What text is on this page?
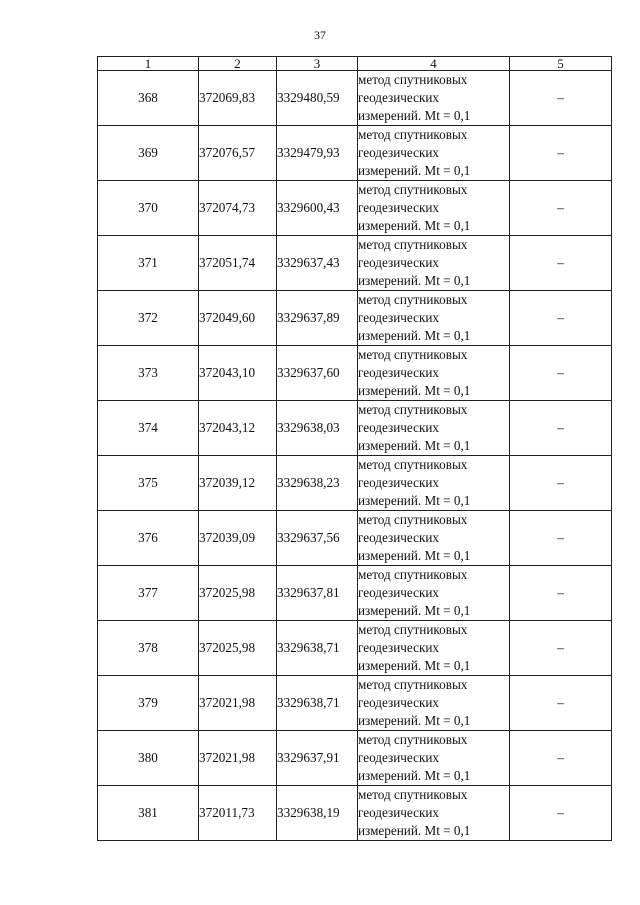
37
1	2	3	4	5
368	372069,83	3329480,59	метод спутниковых
геодезических
измерений. Mt = 0,1	–
369	372076,57	3329479,93	метод спутниковых
геодезических
измерений. Mt = 0,1	–
370	372074,73	3329600,43	метод спутниковых
геодезических
измерений. Mt = 0,1	–
371	372051,74	3329637,43	метод спутниковых
геодезических
измерений. Mt = 0,1	–
372	372049,60	3329637,89	метод спутниковых
геодезических
измерений. Mt = 0,1	–
373	372043,10	3329637,60	метод спутниковых
геодезических
измерений. Mt = 0,1	–
374	372043,12	3329638,03	метод спутниковых
геодезических
измерений. Mt = 0,1	–
375	372039,12	3329638,23	метод спутниковых
геодезических
измерений. Mt = 0,1	–
376	372039,09	3329637,56	метод спутниковых
геодезических
измерений. Mt = 0,1	–
377	372025,98	3329637,81	метод спутниковых
геодезических
измерений. Mt = 0,1	–
378	372025,98	3329638,71	метод спутниковых
геодезических
измерений. Mt = 0,1	–
379	372021,98	3329638,71	метод спутниковых
геодезических
измерений. Mt = 0,1	–
380	372021,98	3329637,91	метод спутниковых
геодезических
измерений. Mt = 0,1	–
381	372011,73	3329638,19	метод спутниковых
геодезических
измерений. Mt = 0,1	–
